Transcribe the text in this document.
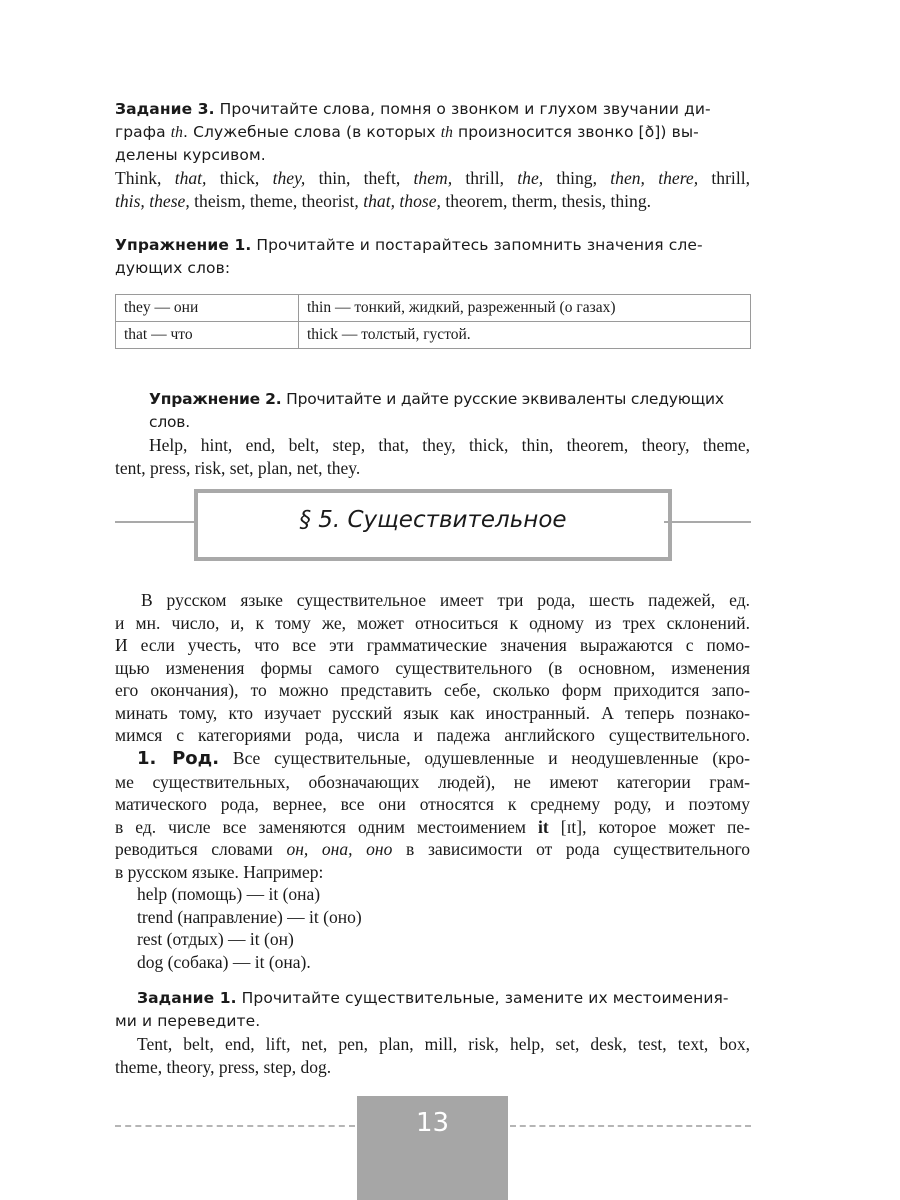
Задание 3. Прочитайте слова, помня о звонком и глухом звучании ди-
графа th. Служебные слова (в которых th произносится звонко [ð]) вы-
делены курсивом.

Think, that, thick, they, thin, theft, them, thrill, the, thing, then, there, thrill,

this, these, theism, theme, theorist, that, those, theorem, therm, thesis, thing.

Упражнение 1. Прочитайте и постарайтесь запомнить значения сле-
дующих слов:

they — они	thin — тонкий, жидкий, разреженный (о газах)
that — что	thick — толстый, густой.

Упражнение 2. Прочитайте и дайте русские эквиваленты следующих слов.

Help, hint, end, belt, step, that, they, thick, thin, theorem, theory, theme,

tent, press, risk, set, plan, net, they.

§ 5. Существительное

В русском языке существительное имеет три рода, шесть падежей, ед.

и мн. число, и, к тому же, может относиться к одному из трех склонений.

И если учесть, что все эти грамматические значения выражаются с помо-

щью изменения формы самого существительного (в основном, изменения

его окончания), то можно представить себе, сколько форм приходится запо-

минать тому, кто изучает русский язык как иностранный. А теперь познако-

мимся с категориями рода, числа и падежа английского существительного.

1. Род. Все существительные, одушевленные и неодушевленные (кро-

ме существительных, обозначающих людей), не имеют категории грам-

матического рода, вернее, все они относятся к среднему роду, и поэтому

в ед. числе все заменяются одним местоимением it [ɪt], которое может пе-

реводиться словами он, она, оно в зависимости от рода существительного

в русском языке. Например:

help (помощь) — it (она)

trend (направление) — it (оно)

rest (отдых) — it (он)

dog (собака) — it (она).

Задание 1. Прочитайте существительные, замените их местоимения-
ми и переведите.

Tent, belt, end, lift, net, pen, plan, mill, risk, help, set, desk, test, text, box,

theme, theory, press, step, dog.

13
